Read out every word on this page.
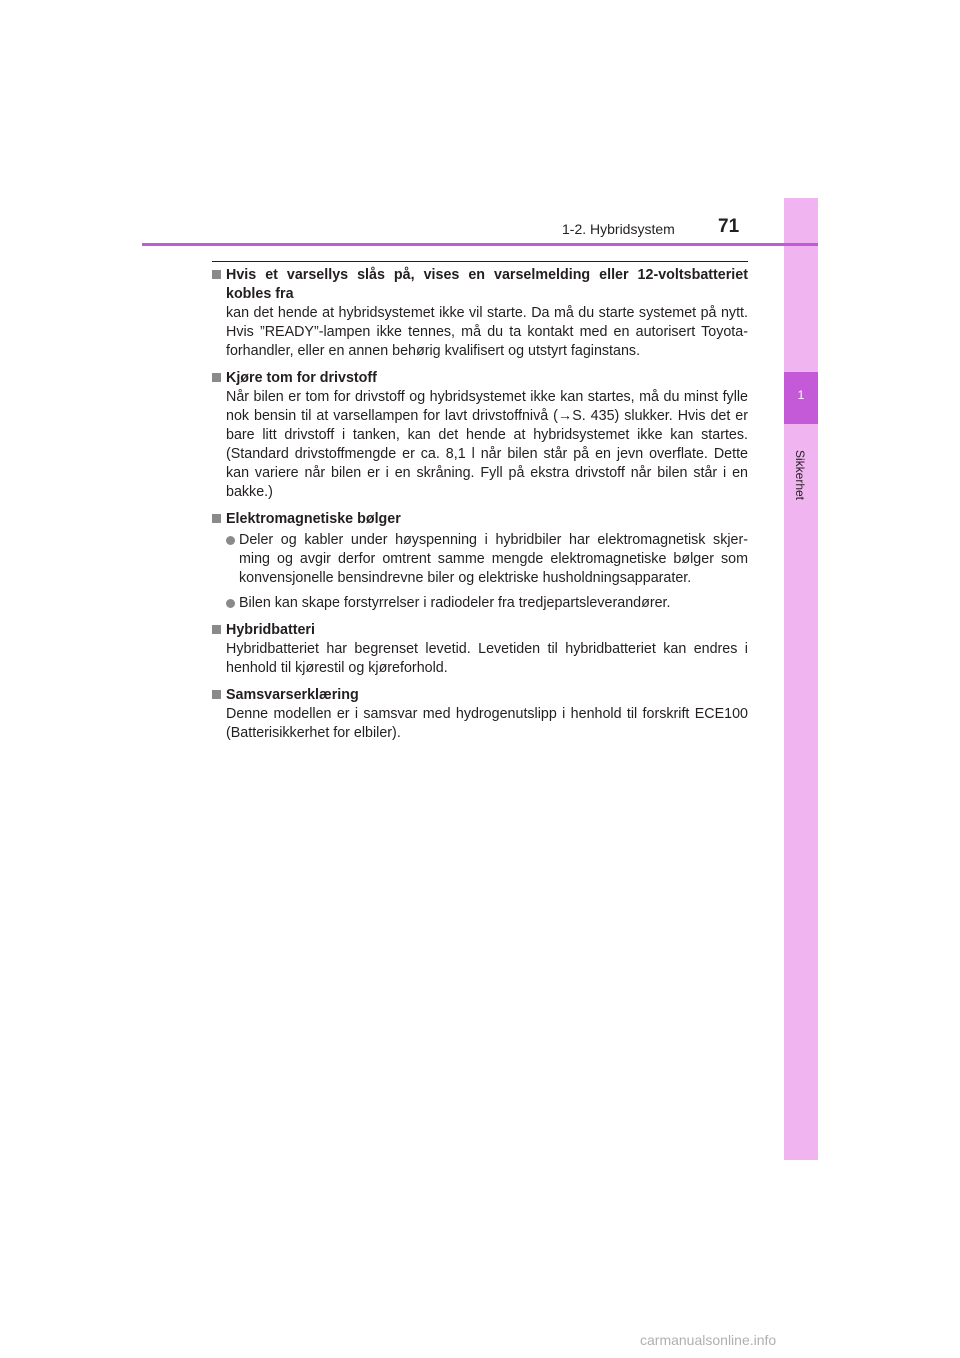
1
Sikkerhet
1-2. Hybridsystem 71
Hvis et varsellys slås på, vises en varselmelding eller 12-voltsbatteriet kobles fra
kan det hende at hybridsystemet ikke vil starte. Da må du starte systemet på nytt. Hvis ”READY”-lampen ikke tennes, må du ta kontakt med en autorisert Toyota-forhandler, eller en annen behørig kvalifisert og utstyrt faginstans.
Kjøre tom for drivstoff
Når bilen er tom for drivstoff og hybridsystemet ikke kan startes, må du minst fylle nok bensin til at varsellampen for lavt drivstoffnivå (→S. 435) slukker. Hvis det er bare litt drivstoff i tanken, kan det hende at hybridsystemet ikke kan startes. (Standard drivstoffmengde er ca. 8,1 l når bilen står på en jevn overflate. Dette kan variere når bilen er i en skråning. Fyll på ekstra drivstoff når bilen står i en bakke.)
Elektromagnetiske bølger
Deler og kabler under høyspenning i hybridbiler har elektromagnetisk skjer- ming og avgir derfor omtrent samme mengde elektromagnetiske bølger som konvensjonelle bensindrevne biler og elektriske husholdningsapparater.
Bilen kan skape forstyrrelser i radiodeler fra tredjepartsleverandører.
Hybridbatteri
Hybridbatteriet har begrenset levetid. Levetiden til hybridbatteriet kan endres i henhold til kjørestil og kjøreforhold.
Samsvarserklæring
Denne modellen er i samsvar med hydrogenutslipp i henhold til forskrift ECE100 (Batterisikkerhet for elbiler).
carmanualsonline.info
